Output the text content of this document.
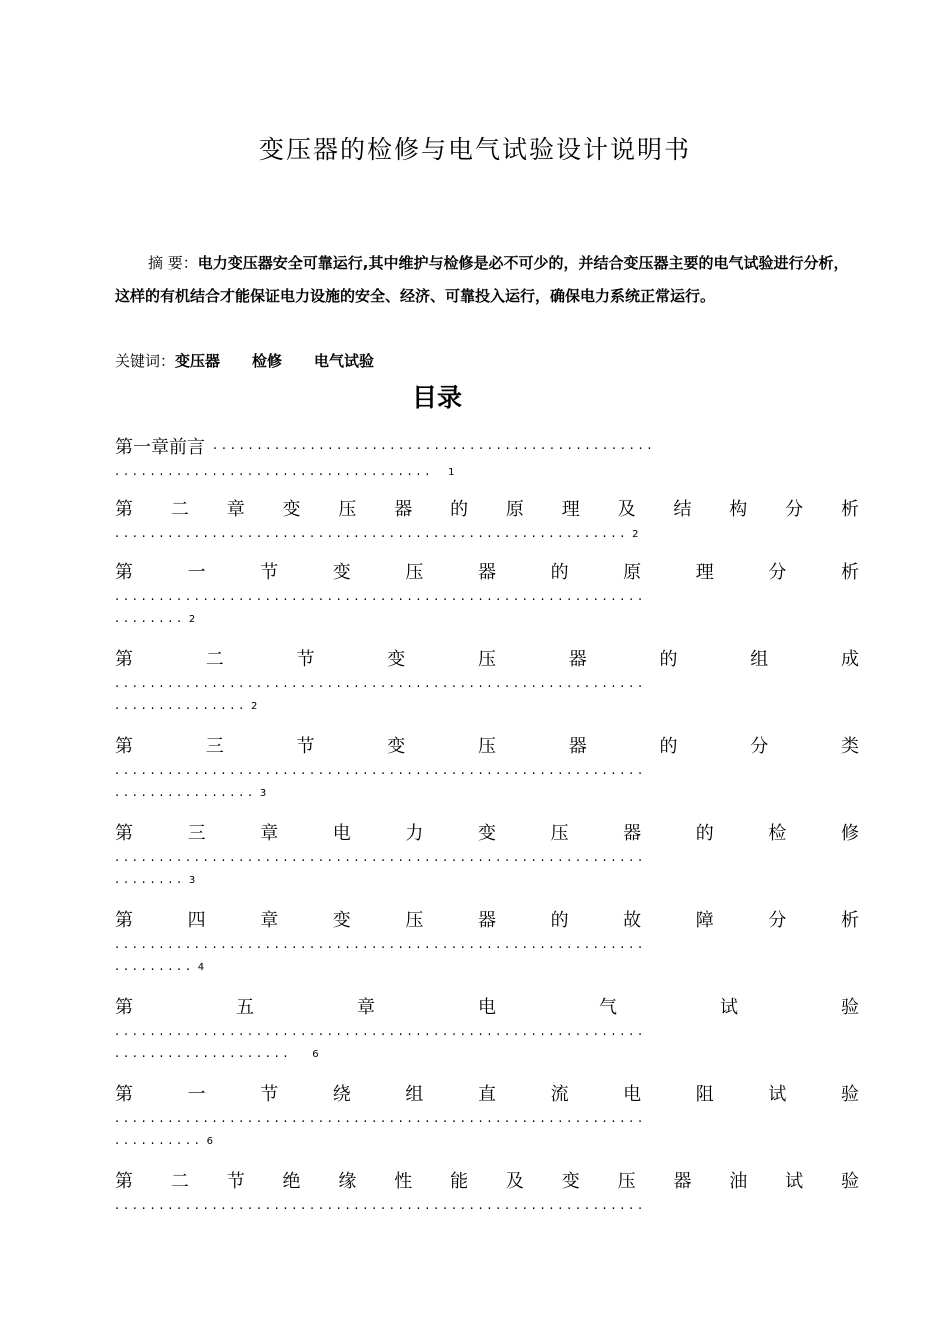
变压器的检修与电气试验设计说明书
摘 要：电力变压器安全可靠运行,其中维护与检修是必不可少的，并结合变压器主要的电气试验进行分析，这样的有机结合才能保证电力设施的安全、经济、可靠投入运行，确保电力系统正常运行。
关键词：变压器 检修 电气试验
目录
第一章前言 . . . . . . . . . . . . . . . . . . . . . . . . . . . . . . . . . . . . . . . . . . . . . . . . . .
. . . . . . . . . . . . . . . . . . . . . . . . . . . . . . . . . . . . 1
第 二 章 变 压 器 的 原 理 及 结 构 分 析
. . . . . . . . . . . . . . . . . . . . . . . . . . . . . . . . . . . . . . . . . . . . . . . . . . . . . . . . . . 2
第	一	节	变	压	器	的	原	理	分	析
. . . . . . . . . . . . . . . . . . . . . . . . . . . . . . . . . . . . . . . . . . . . . . . . . . . . . . . . . . . .
. . . . . . . . 2
第	二	节	变	压	器	的	组	成
. . . . . . . . . . . . . . . . . . . . . . . . . . . . . . . . . . . . . . . . . . . . . . . . . . . . . . . . . . . .
. . . . . . . . . . . . . . . 2
第	三	节	变	压	器	的	分	类
. . . . . . . . . . . . . . . . . . . . . . . . . . . . . . . . . . . . . . . . . . . . . . . . . . . . . . . . . . . .
. . . . . . . . . . . . . . . . 3
第	三	章	电	力	变	压	器	的	检	修
. . . . . . . . . . . . . . . . . . . . . . . . . . . . . . . . . . . . . . . . . . . . . . . . . . . . . . . . . . . .
. . . . . . . . 3
第	四	章	变	压	器	的	故	障	分	析
. . . . . . . . . . . . . . . . . . . . . . . . . . . . . . . . . . . . . . . . . . . . . . . . . . . . . . . . . . . .
. . . . . . . . . 4
第	五	章	电	气	试	验
. . . . . . . . . . . . . . . . . . . . . . . . . . . . . . . . . . . . . . . . . . . . . . . . . . . . . . . . . . . .
. . . . . . . . . . . . . . . . . . . . 6
第	一	节	绕	组	直	流	电	阻	试	验
. . . . . . . . . . . . . . . . . . . . . . . . . . . . . . . . . . . . . . . . . . . . . . . . . . . . . . . . . . . .
. . . . . . . . . . 6
第 二 节 绝 缘 性 能 及 变 压 器 油 试 验
. . . . . . . . . . . . . . . . . . . . . . . . . . . . . . . . . . . . . . . . . . . . . . . . . . . . . . . . . . . .
